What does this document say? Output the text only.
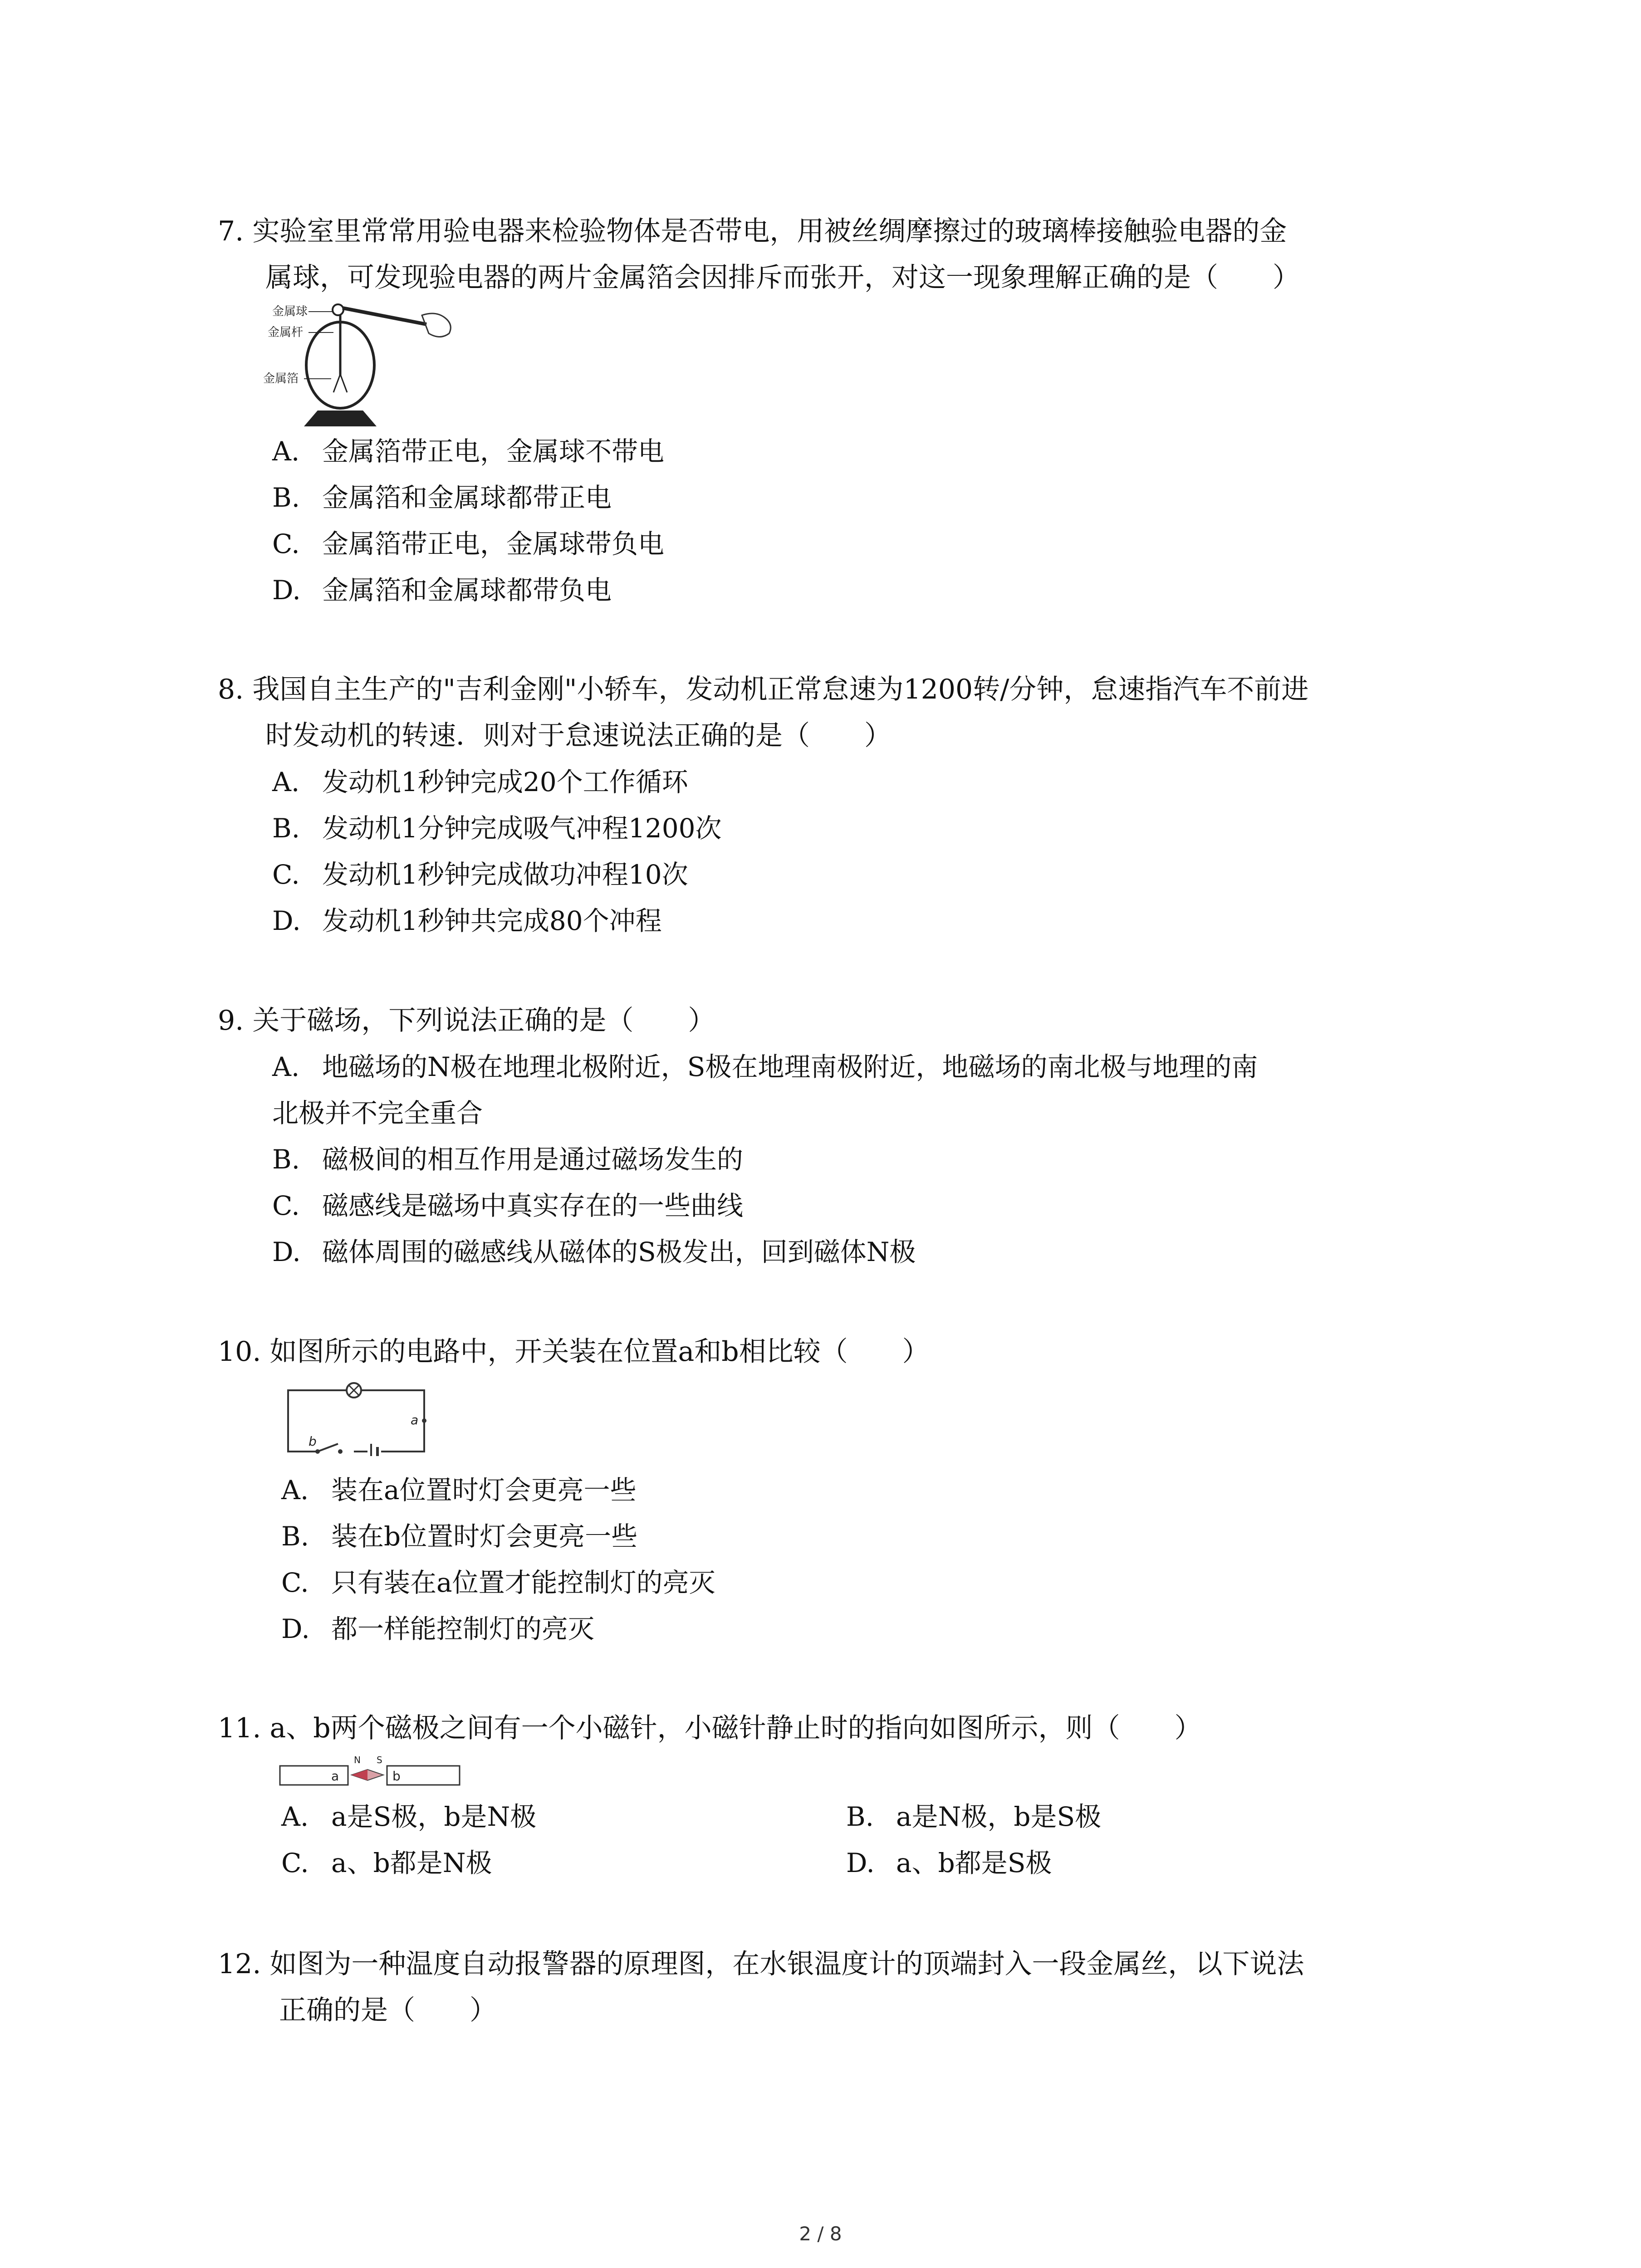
7. 实验室里常常用验电器来检验物体是否带电，用被丝绸摩擦过的玻璃棒接触验电器的金
属球，可发现验电器的两片金属箔会因排斥而张开，对这一现象理解正确的是（　　）
金属球
金属杆
金属箔
A. 金属箔带正电，金属球不带电
B. 金属箔和金属球都带正电
C. 金属箔带正电，金属球带负电
D. 金属箔和金属球都带负电
8. 我国自主生产的"吉利金刚"小轿车，发动机正常怠速为1200转/分钟，怠速指汽车不前进
时发动机的转速．则对于怠速说法正确的是（　　）
A. 发动机1秒钟完成20个工作循环
B. 发动机1分钟完成吸气冲程1200次
C. 发动机1秒钟完成做功冲程10次
D. 发动机1秒钟共完成80个冲程
9. 关于磁场，下列说法正确的是（　　）
A. 地磁场的N极在地理北极附近，S极在地理南极附近，地磁场的南北极与地理的南
北极并不完全重合
B. 磁极间的相互作用是通过磁场发生的
C. 磁感线是磁场中真实存在的一些曲线
D. 磁体周围的磁感线从磁体的S极发出，回到磁体N极
10. 如图所示的电路中，开关装在位置a和b相比较（　　）
a
b
A. 装在a位置时灯会更亮一些
B. 装在b位置时灯会更亮一些
C. 只有装在a位置才能控制灯的亮灭
D. 都一样能控制灯的亮灭
11. a、b两个磁极之间有一个小磁针，小磁针静止时的指向如图所示，则（　　）
a
N S
b
A. a是S极，b是N极	B. a是N极，b是S极
C. a、b都是N极	D. a、b都是S极
12. 如图为一种温度自动报警器的原理图，在水银温度计的顶端封入一段金属丝，以下说法
正确的是（　　）
2 / 8
